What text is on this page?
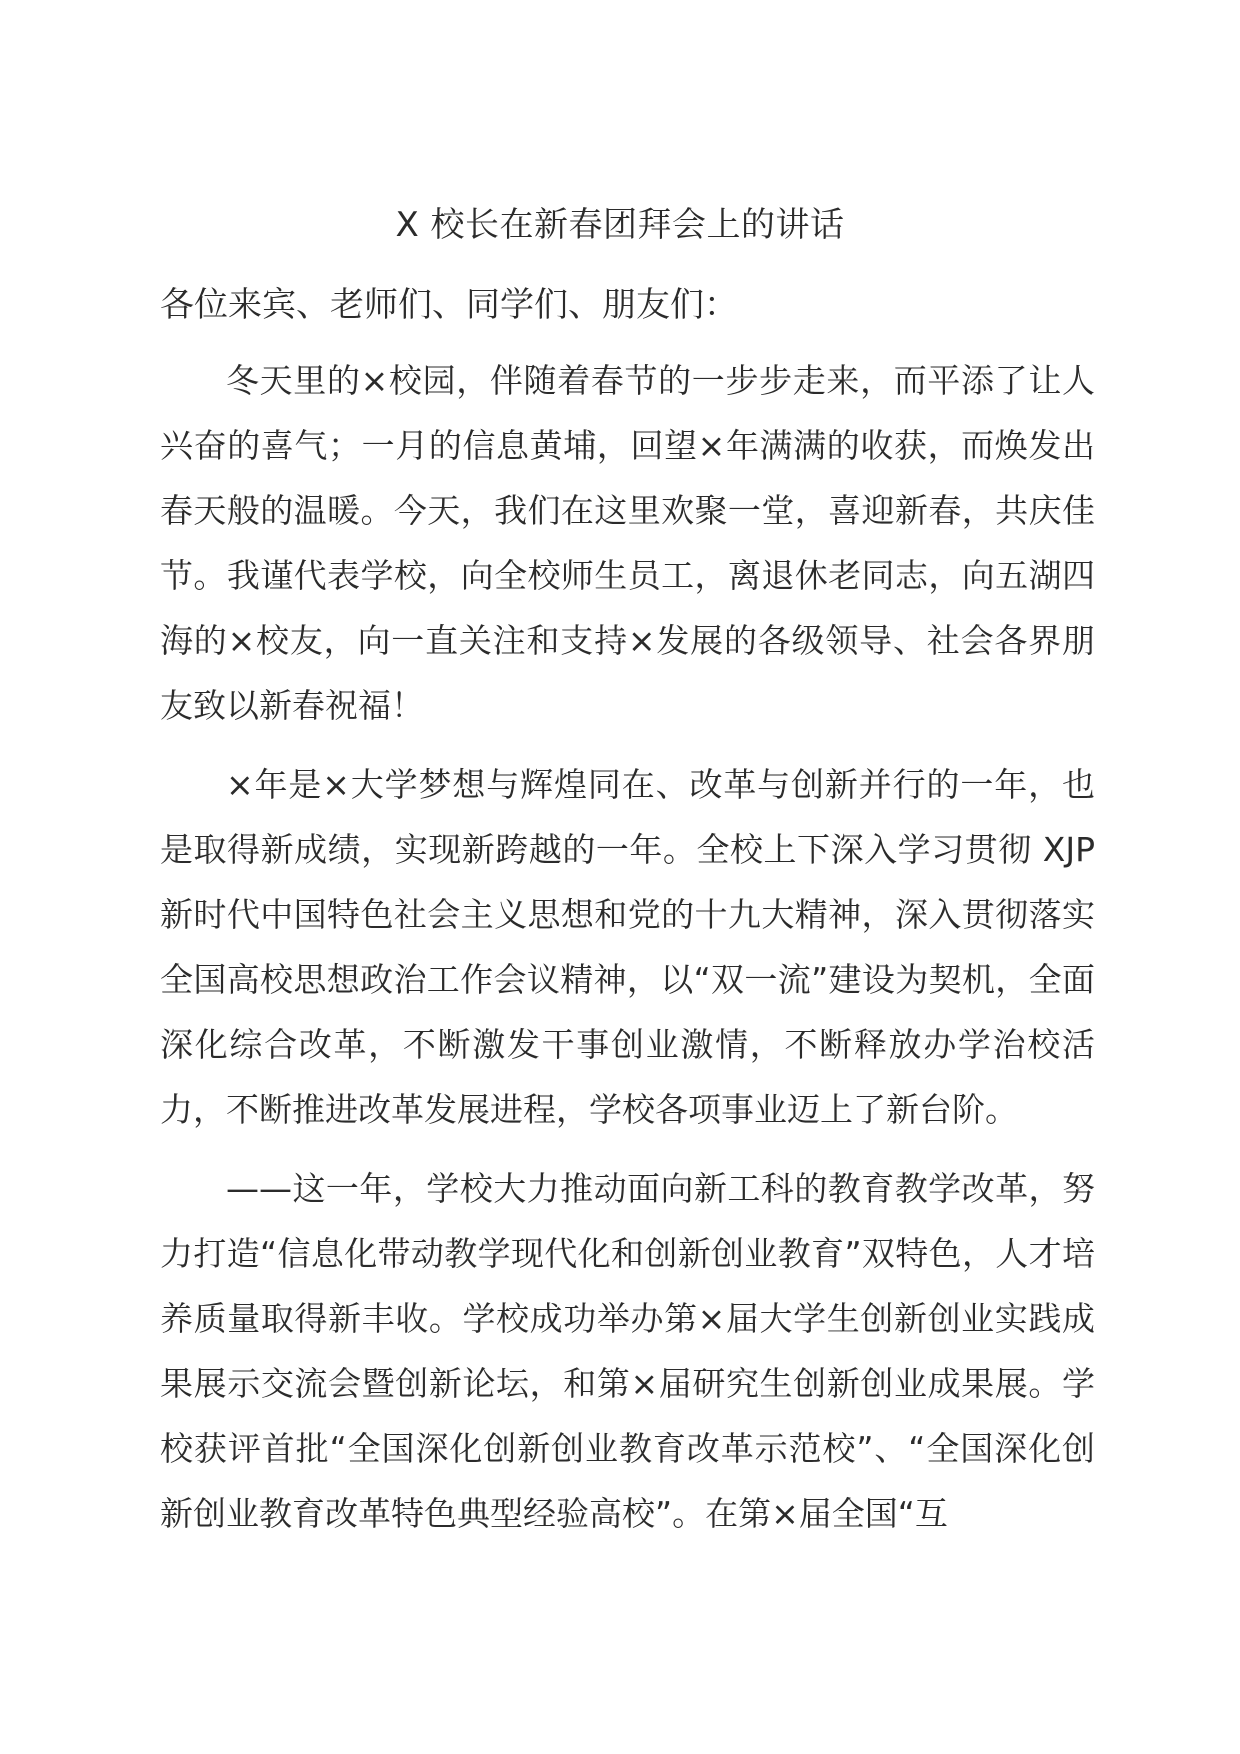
X 校长在新春团拜会上的讲话

各位来宾、老师们、同学们、朋友们：

冬天里的×校园，伴随着春节的一步步走来，而平添了让人兴奋的喜气；一月的信息黄埔，回望×年满满的收获，而焕发出春天般的温暖。今天，我们在这里欢聚一堂，喜迎新春，共庆佳节。我谨代表学校，向全校师生员工，离退休老同志，向五湖四海的×校友，向一直关注和支持×发展的各级领导、社会各界朋友致以新春祝福！

×年是×大学梦想与辉煌同在、改革与创新并行的一年，也是取得新成绩，实现新跨越的一年。全校上下深入学习贯彻 XJP 新时代中国特色社会主义思想和党的十九大精神，深入贯彻落实全国高校思想政治工作会议精神，以“双一流”建设为契机，全面深化综合改革，不断激发干事创业激情，不断释放办学治校活力，不断推进改革发展进程，学校各项事业迈上了新台阶。

——这一年，学校大力推动面向新工科的教育教学改革，努力打造“信息化带动教学现代化和创新创业教育”双特色，人才培养质量取得新丰收。学校成功举办第×届大学生创新创业实践成果展示交流会暨创新论坛，和第×届研究生创新创业成果展。学校获评首批“全国深化创新创业教育改革示范校”、“全国深化创新创业教育改革特色典型经验高校”。在第×届全国“互
